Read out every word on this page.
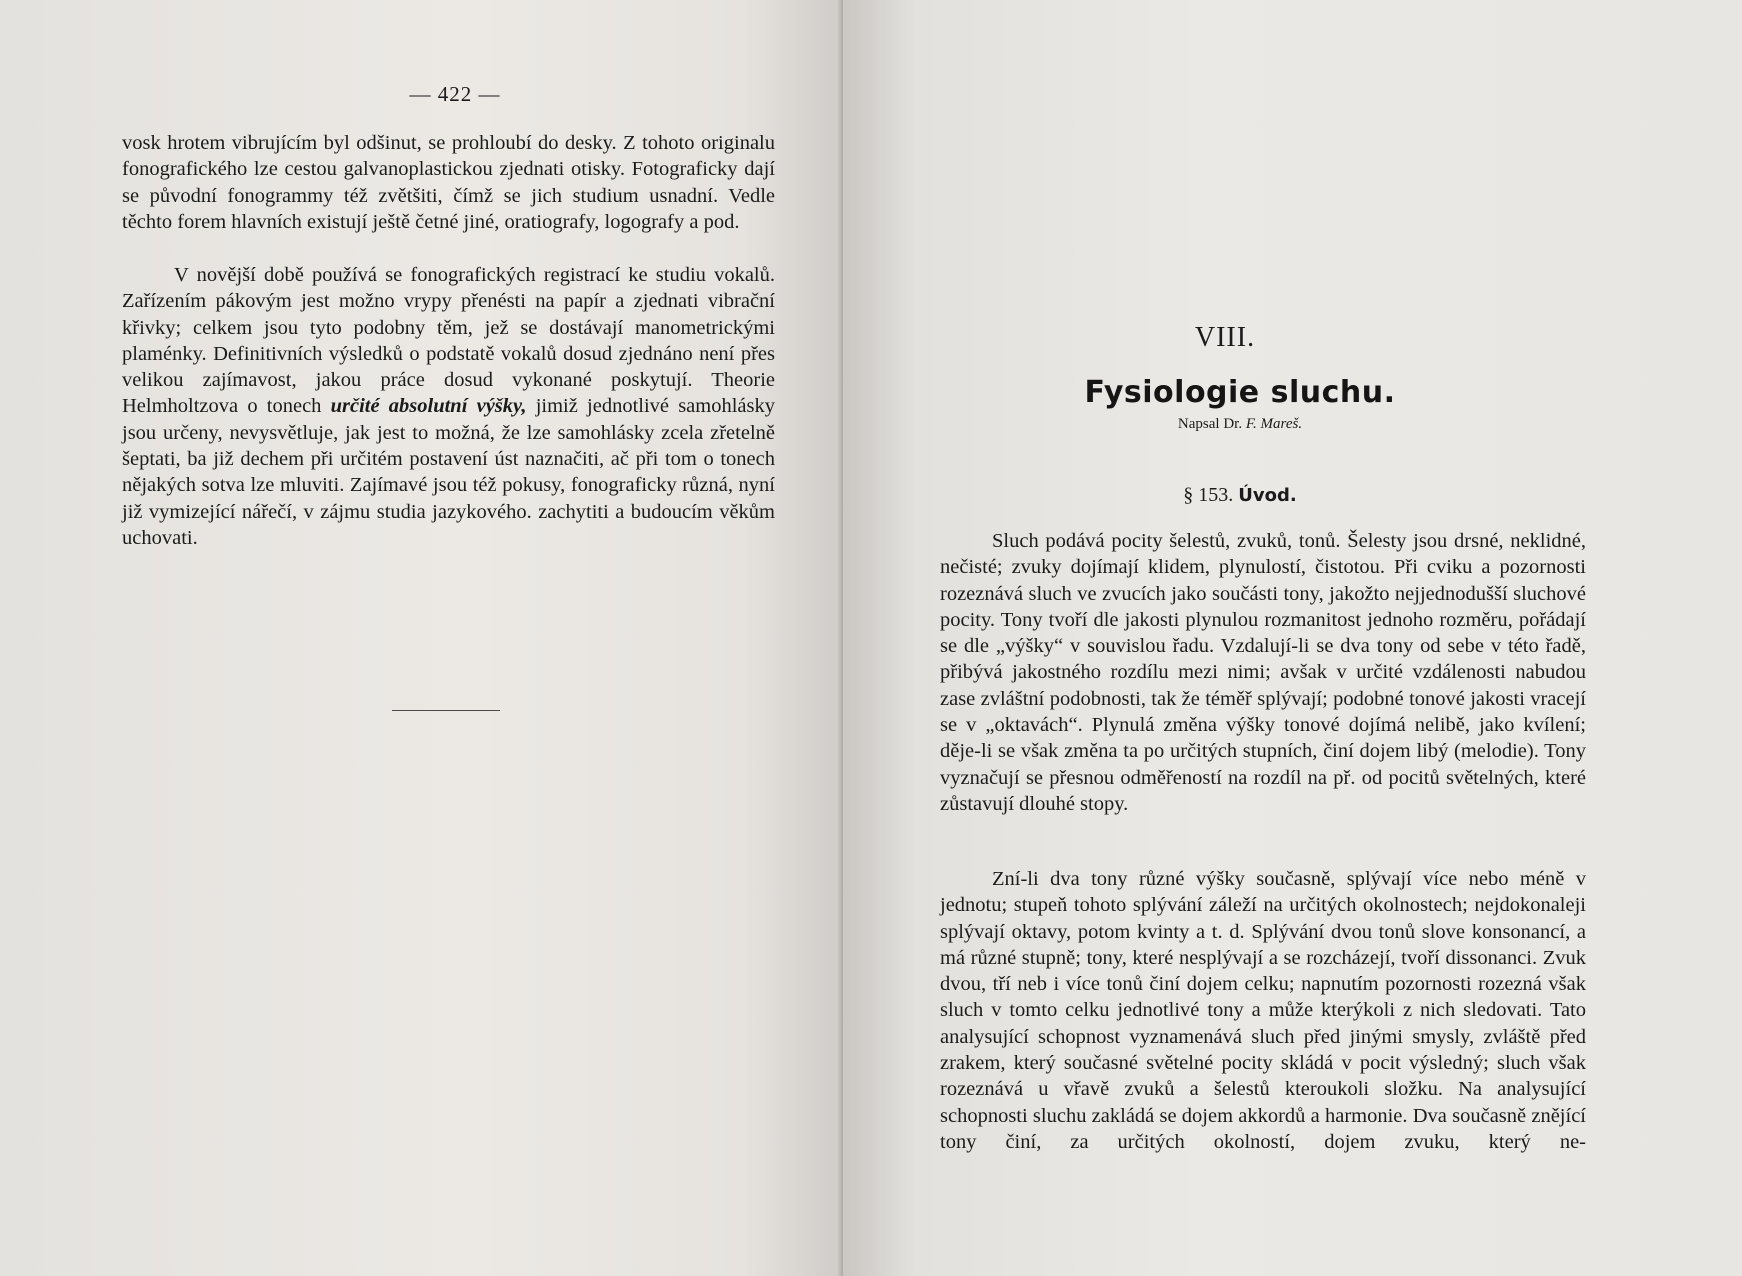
— 422 —

vosk hrotem vibrujícím byl odšinut, se prohloubí do desky. Z tohoto originalu fonografického lze cestou galvanoplastickou zjednati otisky. Fotograficky dají se původní fonogrammy též zvětšiti, čímž se jich studium usnadní. Vedle těchto forem hlavních existují ještě četné jiné, oratiografy, logografy a pod.

V novější době používá se fonografických registrací ke studiu vokalů. Zařízením pákovým jest možno vrypy přenésti na papír a zjednati vibrační křivky; celkem jsou tyto podobny těm, jež se dostávají manometrickými plaménky. Definitivních výsledků o podstatě vokalů dosud zjednáno není přes velikou zajímavost, jakou práce dosud vykonané poskytují. Theorie Helmholtzova o tonech určité absolutní výšky, jimiž jednotlivé samohlásky jsou určeny, nevysvětluje, jak jest to možná, že lze samohlásky zcela zřetelně šeptati, ba již dechem při určitém postavení úst naznačiti, ač při tom o tonech nějakých sotva lze mluviti. Zajímavé jsou též pokusy, fonograficky různá, nyní již vymizející nářečí, v zájmu studia jazykového. zachytiti a budoucím věkům uchovati.

VIII.
Fysiologie sluchu.
Napsal Dr. F. Mareš.
§ 153. Úvod.

Sluch podává pocity šelestů, zvuků, tonů. Šelesty jsou drsné, neklidné, nečisté; zvuky dojímají klidem, plynulostí, čistotou. Při cviku a pozornosti rozeznává sluch ve zvucích jako součásti tony, jakožto nejjednodušší sluchové pocity. Tony tvoří dle jakosti plynulou rozmanitost jednoho rozměru, pořádají se dle „výšky“ v souvislou řadu. Vzdalují-li se dva tony od sebe v této řadě, přibývá jakostného rozdílu mezi nimi; avšak v určité vzdálenosti nabudou zase zvláštní podobnosti, tak že téměř splývají; podobné tonové jakosti vracejí se v „oktavách“. Plynulá změna výšky tonové dojímá nelibě, jako kvílení; děje-li se však změna ta po určitých stupních, činí dojem libý (melodie). Tony vyznačují se přesnou odměřeností na rozdíl na př. od pocitů světelných, které zůstavují dlouhé stopy.

Zní-li dva tony různé výšky současně, splývají více nebo méně v jednotu; stupeň tohoto splývání záleží na určitých okolnostech; nejdokonaleji splývají oktavy, potom kvinty a t. d. Splývání dvou tonů slove konsonancí, a má různé stupně; tony, které nesplývají a se rozcházejí, tvoří dissonanci. Zvuk dvou, tří neb i více tonů činí dojem celku; napnutím pozornosti rozezná však sluch v tomto celku jednotlivé tony a může kterýkoli z nich sledovati. Tato analysující schopnost vyznamenává sluch před jinými smysly, zvláště před zrakem, který současné světelné pocity skládá v pocit výsledný; sluch však rozeznává u vřavě zvuků a šelestů kteroukoli složku. Na analysující schopnosti sluchu zakládá se dojem akkordů a harmonie. Dva současně znějící tony činí, za určitých okolností, dojem zvuku, který ne-
